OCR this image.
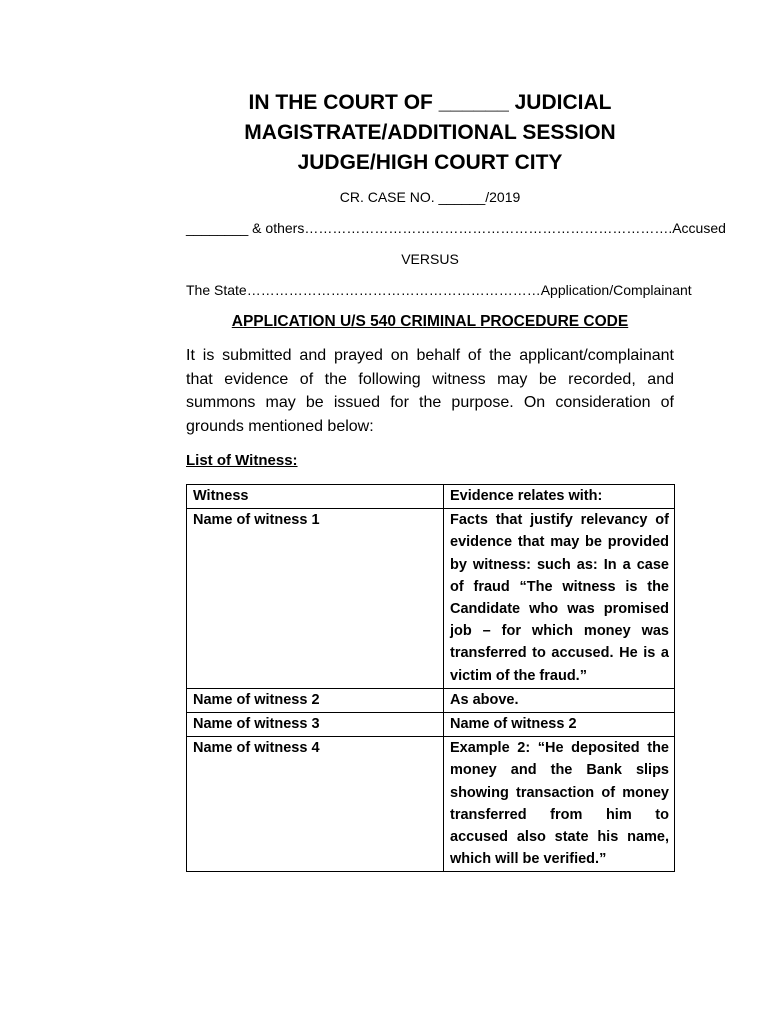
IN THE COURT OF ______ JUDICIAL
MAGISTRATE/ADDITIONAL SESSION
JUDGE/HIGH COURT CITY
CR. CASE NO. ______/2019
________ & others…………………………………………………………………….Accused
VERSUS
The State………………………………………………………Application/Complainant
APPLICATION U/S 540 CRIMINAL PROCEDURE CODE
It is submitted and prayed on behalf of the applicant/complainant that evidence of the following witness may be recorded, and summons may be issued for the purpose. On consideration of grounds mentioned below:
List of Witness:
Witness	Evidence relates with:
Name of witness 1	Facts that justify relevancy of evidence that may be provided by witness: such as: In a case of fraud “The witness is the Candidate who was promised job – for which money was transferred to accused. He is a victim of the fraud.”
Name of witness 2	As above.
Name of witness 3	Name of witness 2
Name of witness 4	Example 2: “He deposited the money and the Bank slips showing transaction of money transferred from him to accused also state his name, which will be verified.”
